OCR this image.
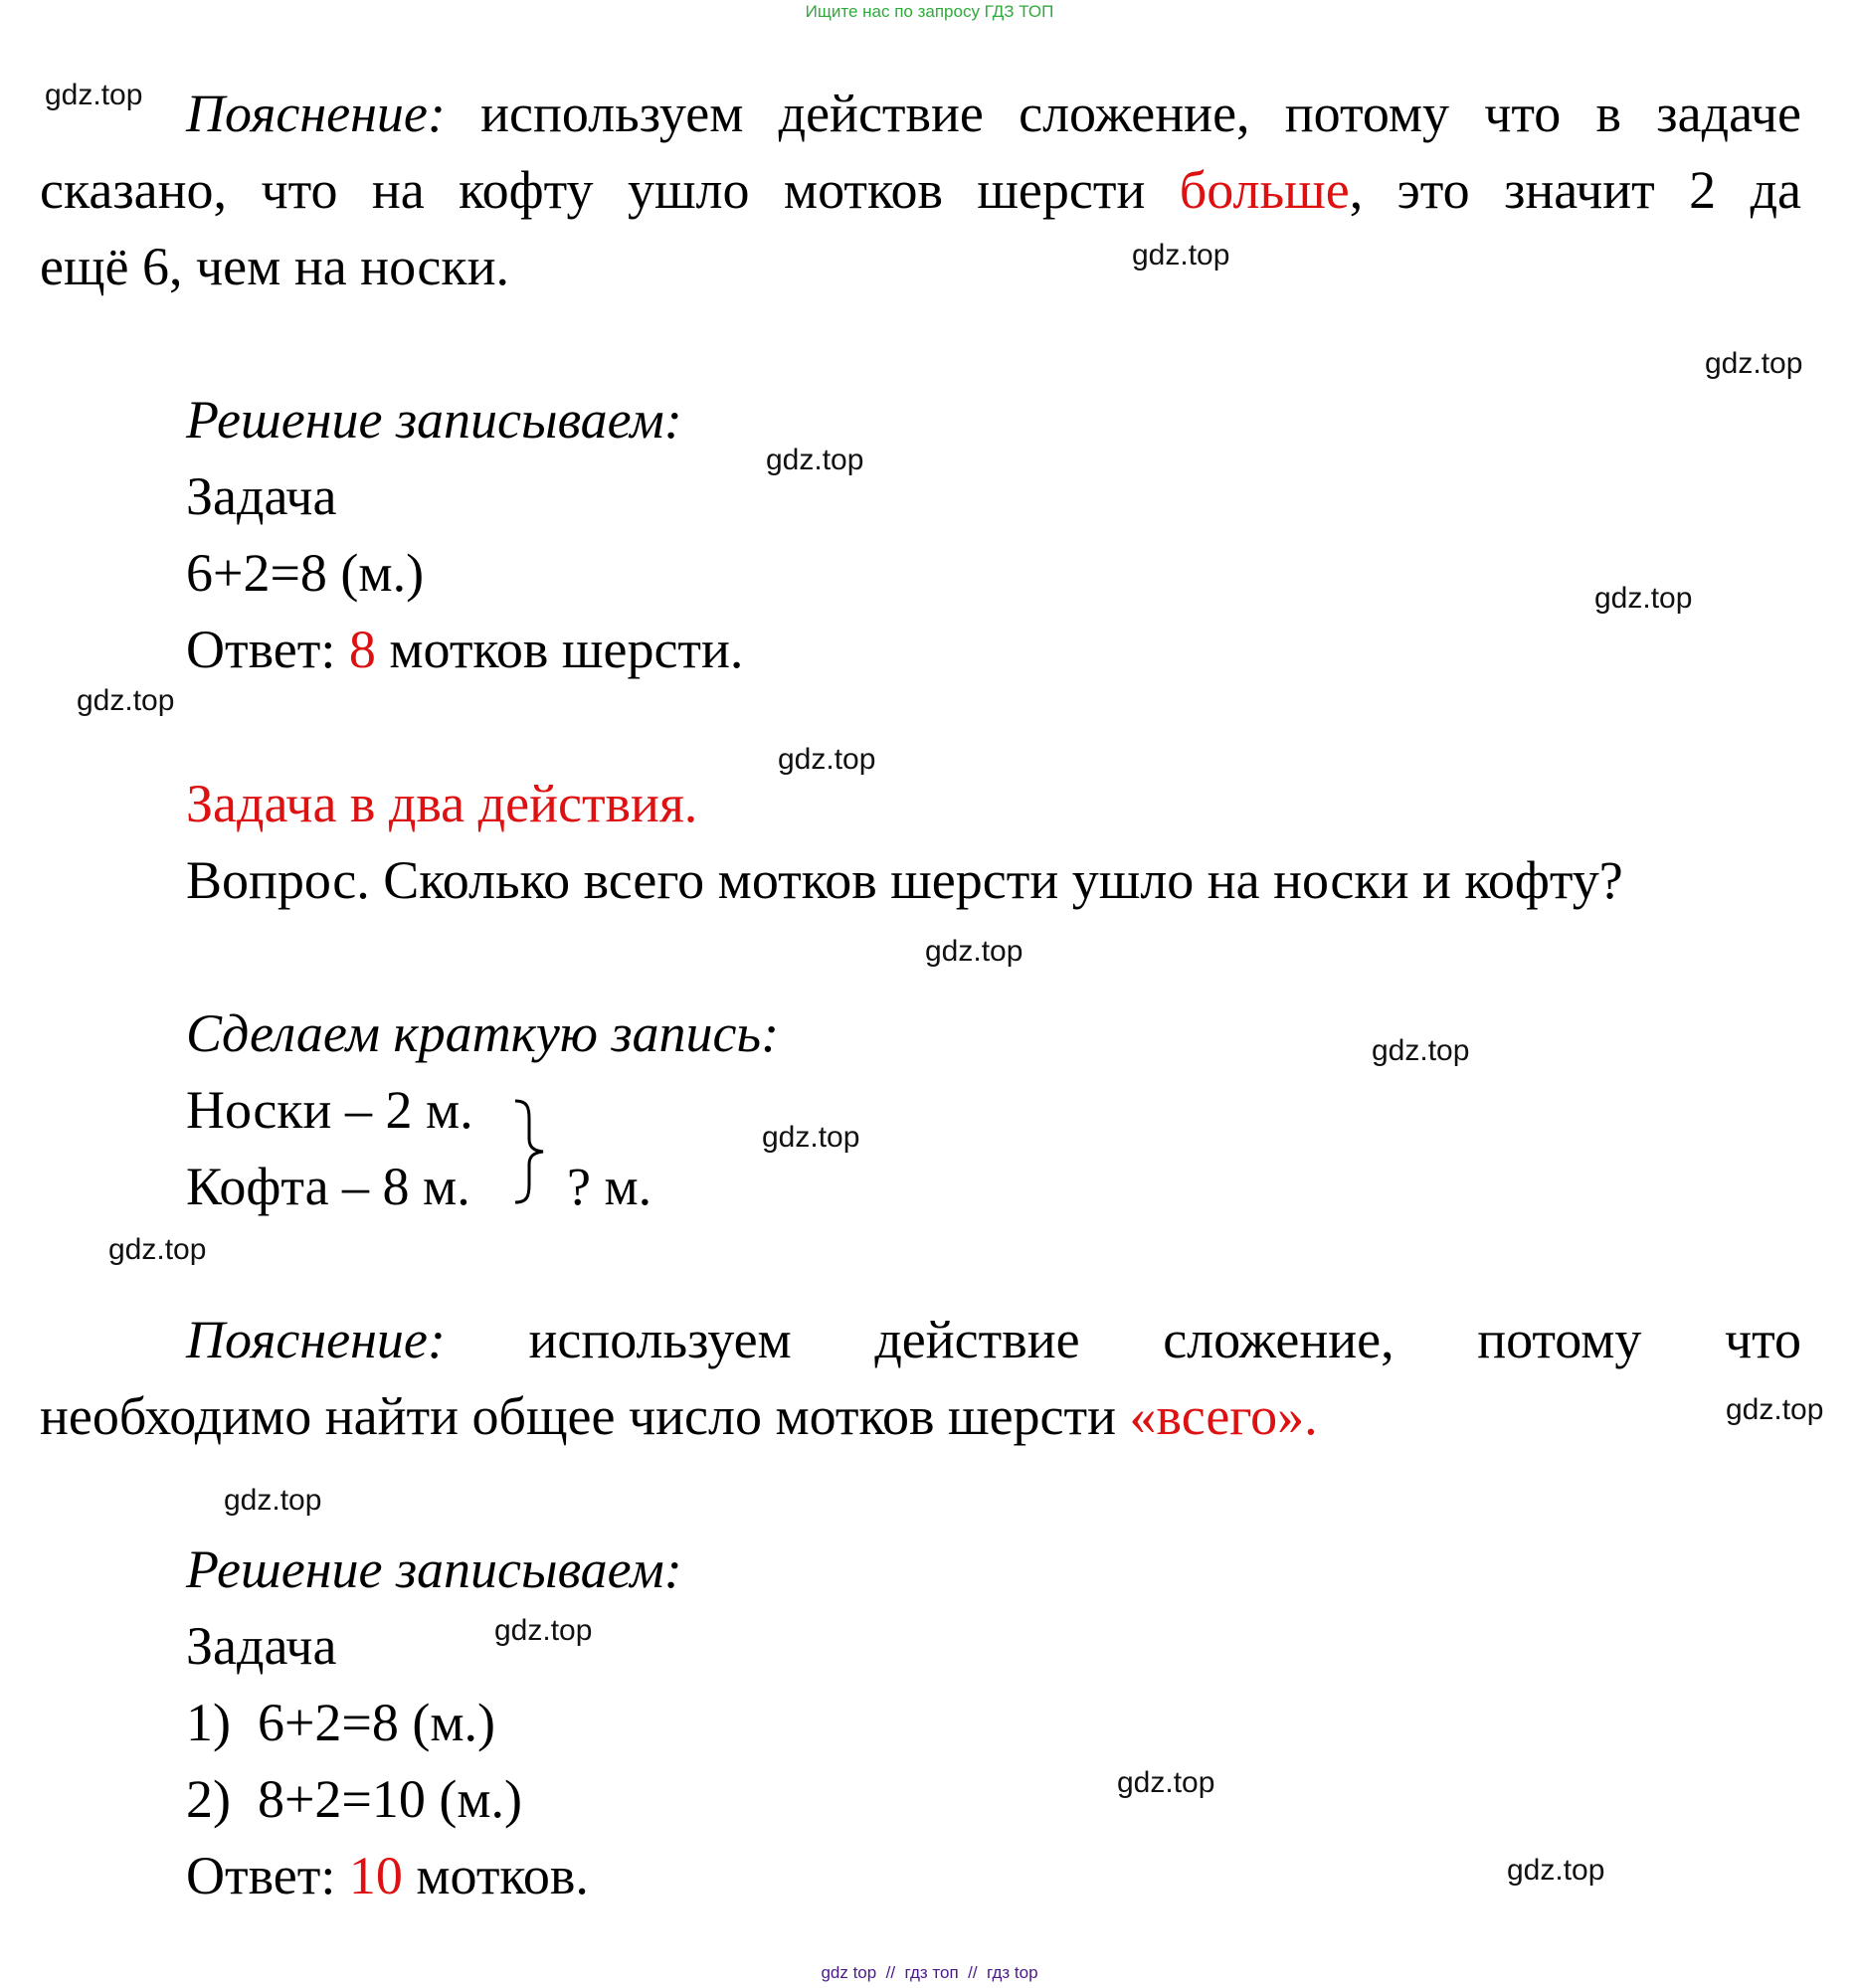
Ищите нас по запросу ГДЗ ТОП
gdz.top
gdz.top
gdz.top
gdz.top
gdz.top
gdz.top
gdz.top
gdz.top
gdz.top
gdz.top
gdz.top
gdz.top
gdz.top
gdz.top
gdz.top
gdz.top
Пояснение: используем действие сложение, потому что в задаче
сказано, что на кофту ушло мотков шерсти больше, это значит 2 да
ещё 6, чем на носки.
Решение записываем:
Задача
6+2=8 (м.)
Ответ: 8 мотков шерсти.
Задача в два действия.
Вопрос. Сколько всего мотков шерсти ушло на носки и кофту?
Сделаем краткую запись:
Носки – 2 м.
Кофта – 8 м. ? м.
Пояснение: используем действие сложение, потому что
необходимо найти общее число мотков шерсти «всего».
Решение записываем:
Задача
1)  6+2=8 (м.)
2)  8+2=10 (м.)
Ответ: 10 мотков.
gdz top  //  гдз топ  //  гдз top
